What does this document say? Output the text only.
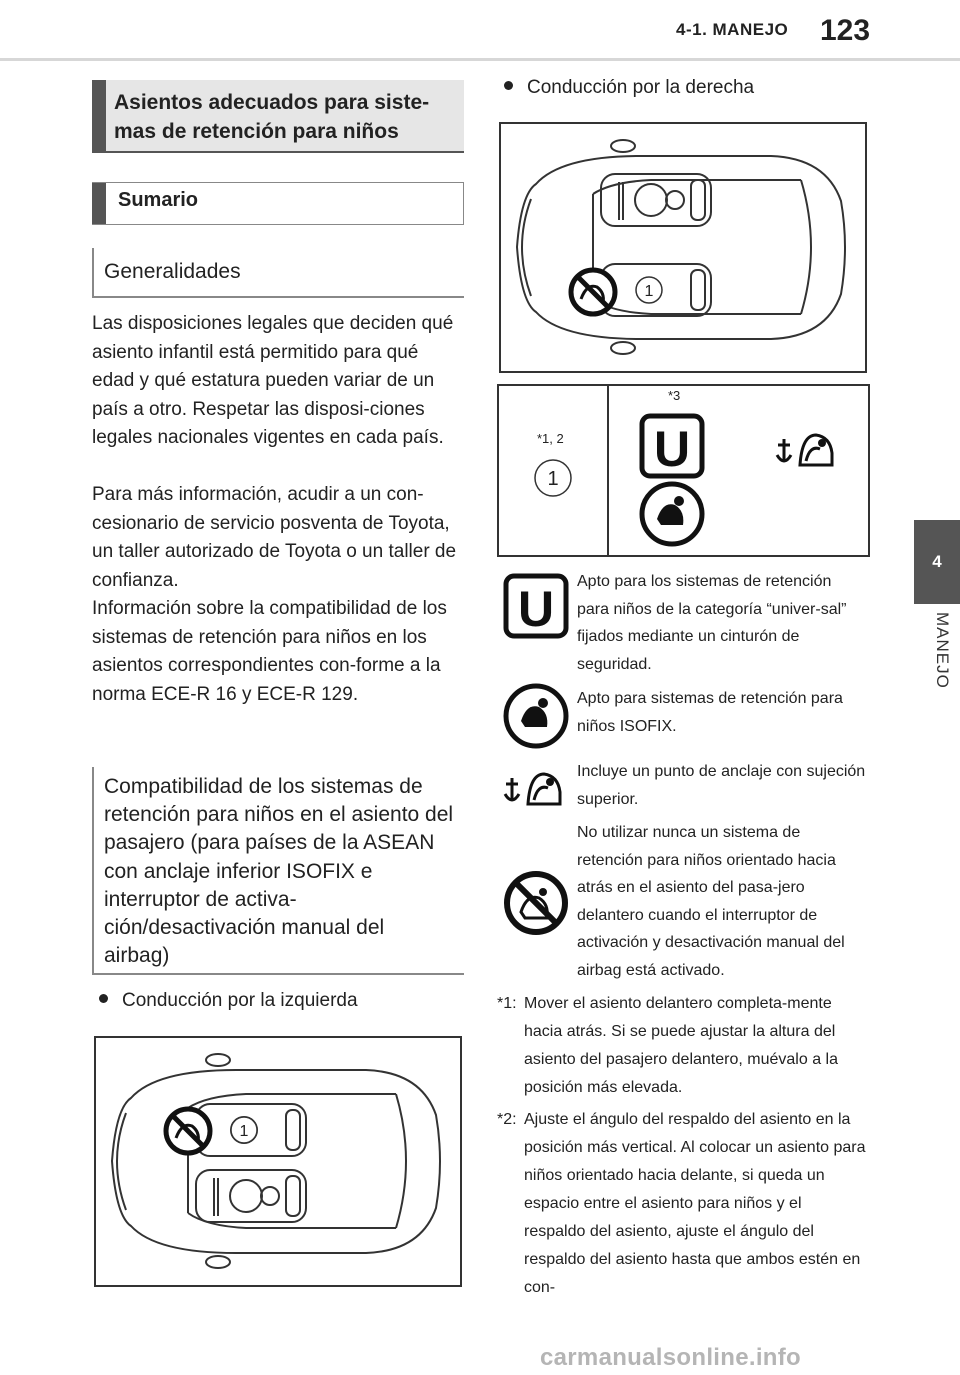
4-1. MANEJO 123
4
MANEJO
Asientos adecuados para siste-mas de retención para niños
Sumario
Generalidades
Las disposiciones legales que deciden qué asiento infantil está permitido para qué edad y qué estatura pueden variar de un país a otro. Respetar las disposi-ciones legales nacionales vigentes en cada país.
Para más información, acudir a un con-cesionario de servicio posventa de Toyota, un taller autorizado de Toyota o un taller de confianza.
Información sobre la compatibilidad de los sistemas de retención para niños en los asientos correspondientes con-forme a la norma ECE-R 16 y ECE-R 129.
Compatibilidad de los sistemas de retención para niños en el asiento del pasajero (para países de la ASEAN con anclaje inferior ISOFIX e interruptor de activa-ción/desactivación manual del airbag)
Conducción por la izquierda
1
Conducción por la derecha
1
*1, 2
1
*3
U
U Apto para los sistemas de retención para niños de la categoría “univer-sal” fijados mediante un cinturón de seguridad.
Apto para sistemas de retención para niños ISOFIX.
Incluye un punto de anclaje con sujeción superior.
No utilizar nunca un sistema de retención para niños orientado hacia atrás en el asiento del pasa-jero delantero cuando el interruptor de activación y desactivación manual del airbag está activado.
*1: Mover el asiento delantero completa-mente hacia atrás. Si se puede ajustar la altura del asiento del pasajero delantero, muévalo a la posición más elevada.
*2: Ajuste el ángulo del respaldo del asiento en la posición más vertical. Al colocar un asiento para niños orientado hacia delante, si queda un espacio entre el asiento para niños y el respaldo del asiento, ajuste el ángulo del respaldo del asiento hasta que ambos estén en con-
carmanualsonline.info
